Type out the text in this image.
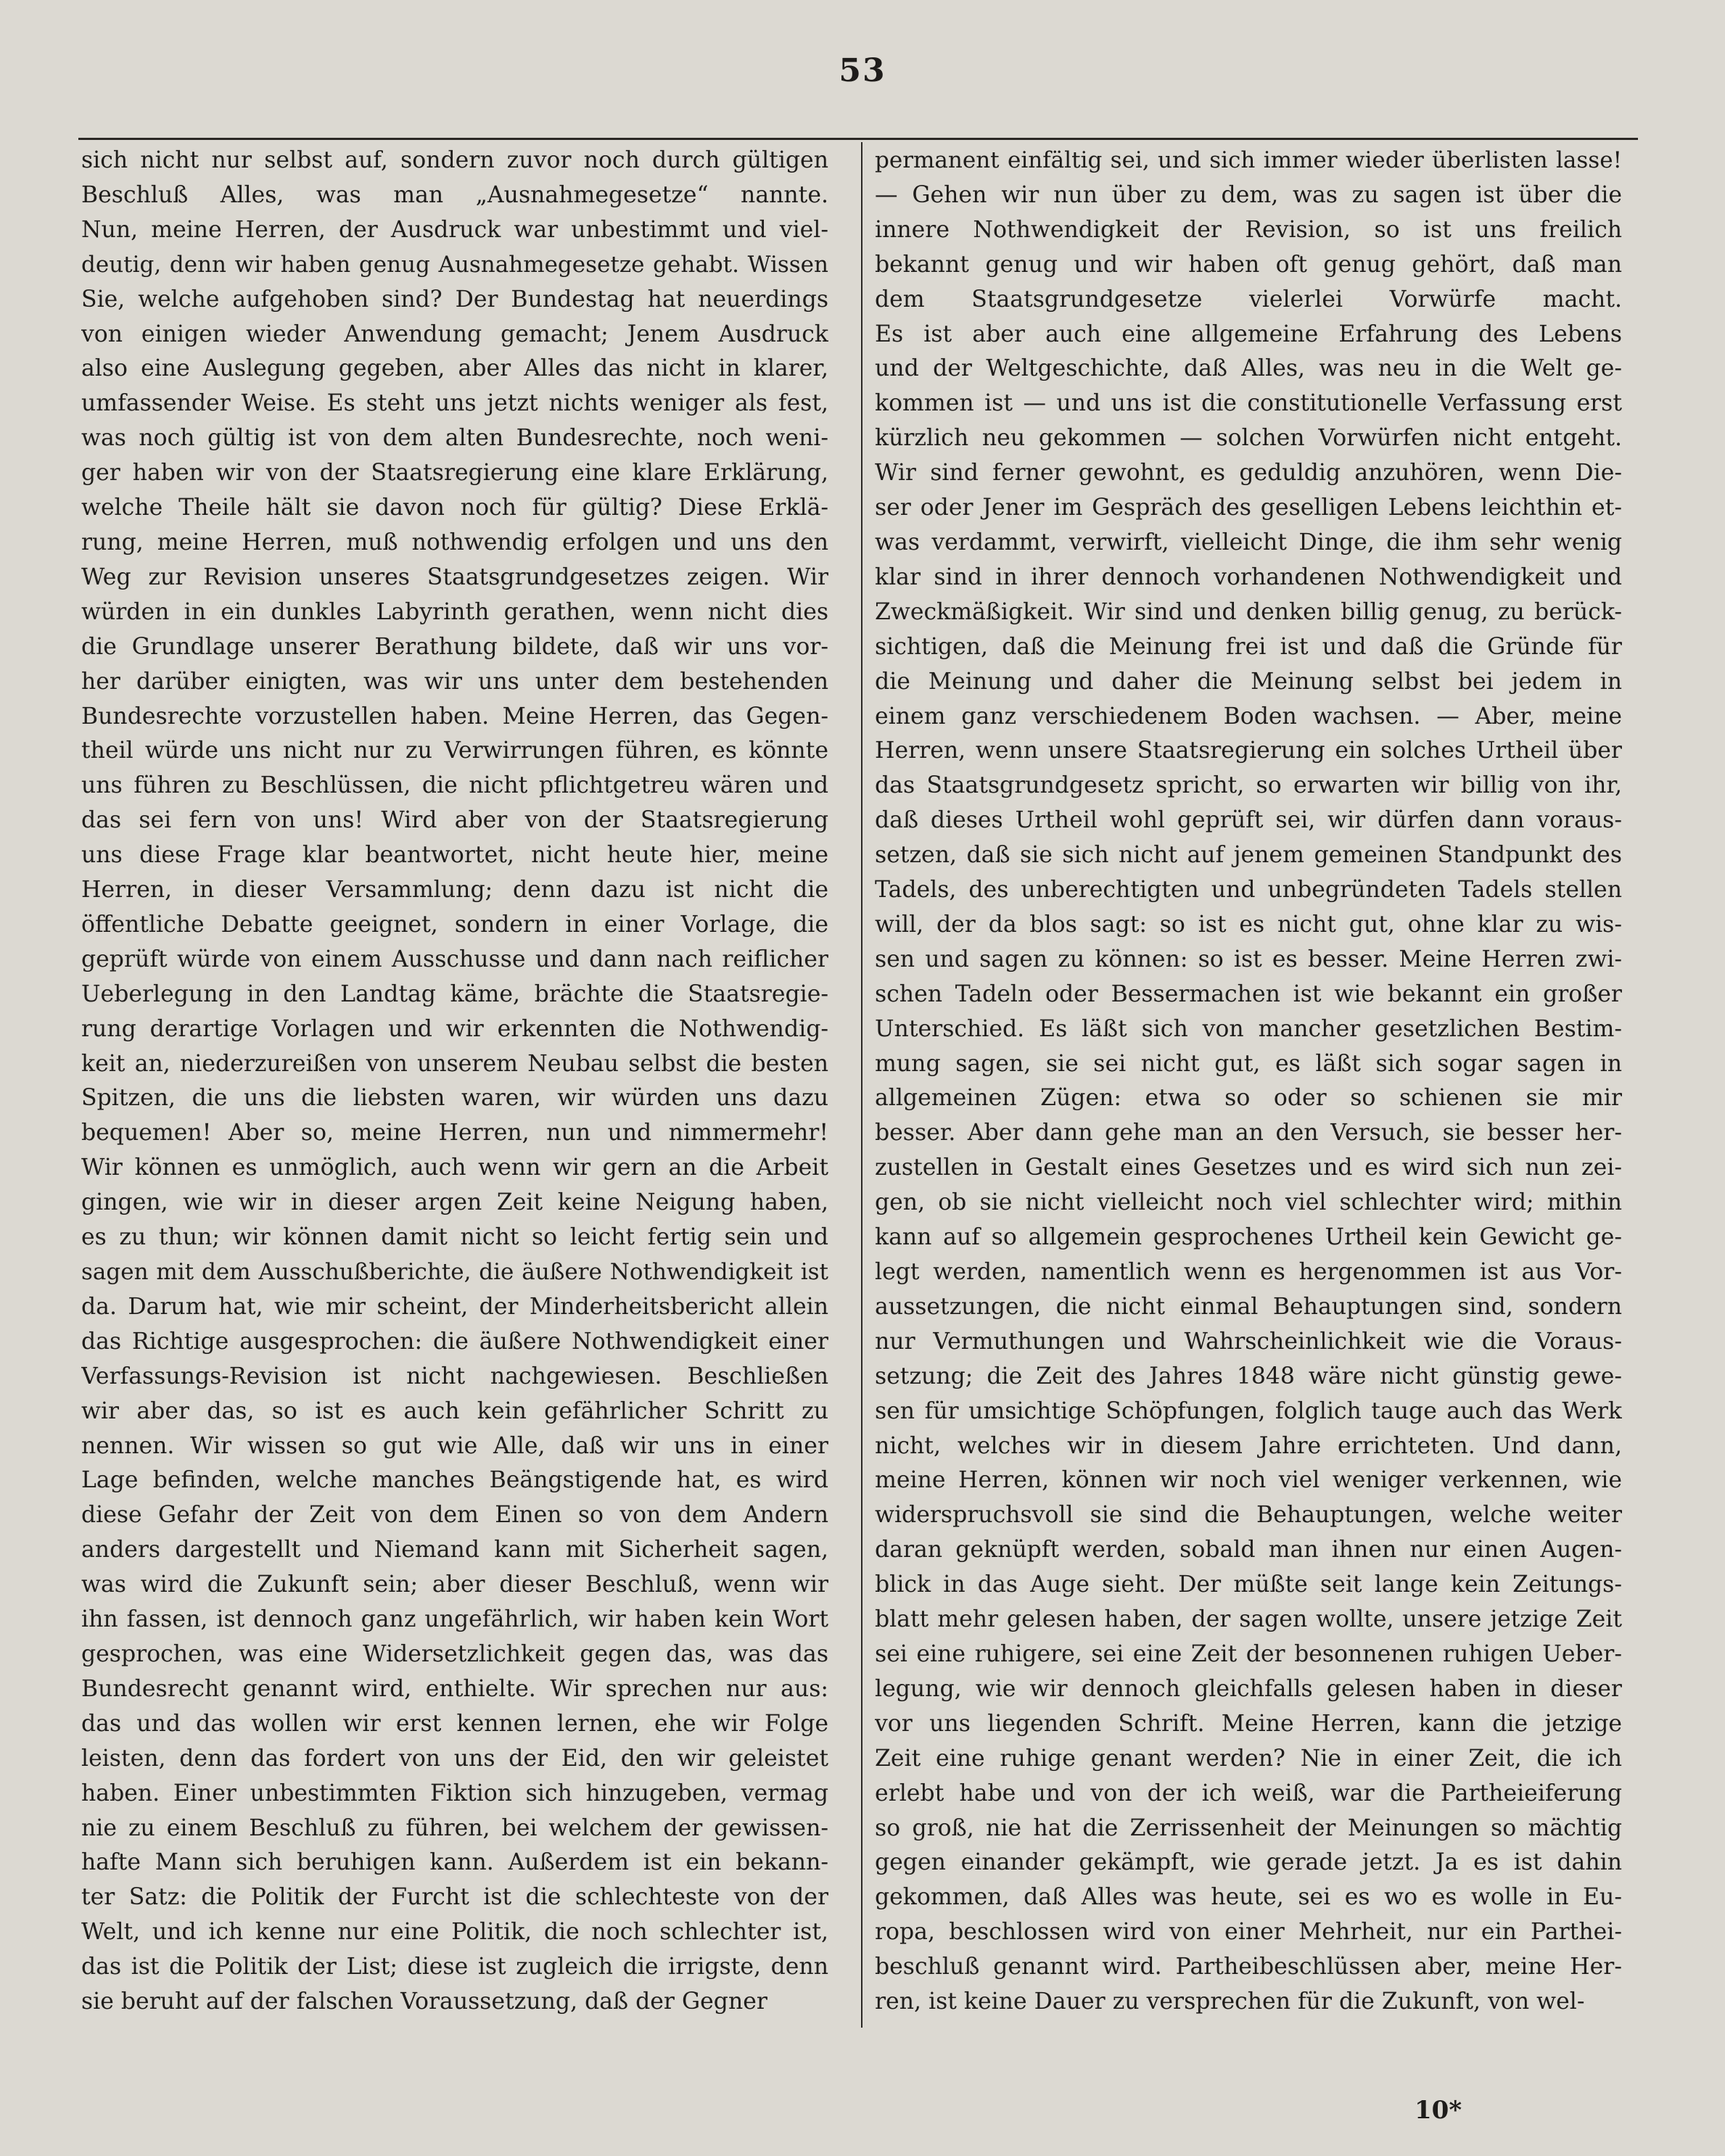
53
sich nicht nur selbst auf, sondern zuvor noch durch gültigen
Beschluß Alles, was man „Ausnahmegesetze“ nannte.
Nun, meine Herren, der Ausdruck war unbestimmt und viel-
deutig, denn wir haben genug Ausnahmegesetze gehabt. Wissen
Sie, welche aufgehoben sind? Der Bundestag hat neuerdings
von einigen wieder Anwendung gemacht; Jenem Ausdruck
also eine Auslegung gegeben, aber Alles das nicht in klarer,
umfassender Weise. Es steht uns jetzt nichts weniger als fest,
was noch gültig ist von dem alten Bundesrechte, noch weni-
ger haben wir von der Staatsregierung eine klare Erklärung,
welche Theile hält sie davon noch für gültig? Diese Erklä-
rung, meine Herren, muß nothwendig erfolgen und uns den
Weg zur Revision unseres Staatsgrundgesetzes zeigen. Wir
würden in ein dunkles Labyrinth gerathen, wenn nicht dies
die Grundlage unserer Berathung bildete, daß wir uns vor-
her darüber einigten, was wir uns unter dem bestehenden
Bundesrechte vorzustellen haben. Meine Herren, das Gegen-
theil würde uns nicht nur zu Verwirrungen führen, es könnte
uns führen zu Beschlüssen, die nicht pflichtgetreu wären und
das sei fern von uns! Wird aber von der Staatsregierung
uns diese Frage klar beantwortet, nicht heute hier, meine
Herren, in dieser Versammlung; denn dazu ist nicht die
öffentliche Debatte geeignet, sondern in einer Vorlage, die
geprüft würde von einem Ausschusse und dann nach reiflicher
Ueberlegung in den Landtag käme, brächte die Staatsregie-
rung derartige Vorlagen und wir erkennten die Nothwendig-
keit an, niederzureißen von unserem Neubau selbst die besten
Spitzen, die uns die liebsten waren, wir würden uns dazu
bequemen! Aber so, meine Herren, nun und nimmermehr!
Wir können es unmöglich, auch wenn wir gern an die Arbeit
gingen, wie wir in dieser argen Zeit keine Neigung haben,
es zu thun; wir können damit nicht so leicht fertig sein und
sagen mit dem Ausschußberichte, die äußere Nothwendigkeit ist
da. Darum hat, wie mir scheint, der Minderheitsbericht allein
das Richtige ausgesprochen: die äußere Nothwendigkeit einer
Verfassungs-Revision ist nicht nachgewiesen. Beschließen
wir aber das, so ist es auch kein gefährlicher Schritt zu
nennen. Wir wissen so gut wie Alle, daß wir uns in einer
Lage befinden, welche manches Beängstigende hat, es wird
diese Gefahr der Zeit von dem Einen so von dem Andern
anders dargestellt und Niemand kann mit Sicherheit sagen,
was wird die Zukunft sein; aber dieser Beschluß, wenn wir
ihn fassen, ist dennoch ganz ungefährlich, wir haben kein Wort
gesprochen, was eine Widersetzlichkeit gegen das, was das
Bundesrecht genannt wird, enthielte. Wir sprechen nur aus:
das und das wollen wir erst kennen lernen, ehe wir Folge
leisten, denn das fordert von uns der Eid, den wir geleistet
haben. Einer unbestimmten Fiktion sich hinzugeben, vermag
nie zu einem Beschluß zu führen, bei welchem der gewissen-
hafte Mann sich beruhigen kann. Außerdem ist ein bekann-
ter Satz: die Politik der Furcht ist die schlechteste von der
Welt, und ich kenne nur eine Politik, die noch schlechter ist,
das ist die Politik der List; diese ist zugleich die irrigste, denn
sie beruht auf der falschen Voraussetzung, daß der Gegner
permanent einfältig sei, und sich immer wieder überlisten lasse!
— Gehen wir nun über zu dem, was zu sagen ist über die
innere Nothwendigkeit der Revision, so ist uns freilich
bekannt genug und wir haben oft genug gehört, daß man
dem Staatsgrundgesetze vielerlei Vorwürfe macht.
Es ist aber auch eine allgemeine Erfahrung des Lebens
und der Weltgeschichte, daß Alles, was neu in die Welt ge-
kommen ist — und uns ist die constitutionelle Verfassung erst
kürzlich neu gekommen — solchen Vorwürfen nicht entgeht.
Wir sind ferner gewohnt, es geduldig anzuhören, wenn Die-
ser oder Jener im Gespräch des geselligen Lebens leichthin et-
was verdammt, verwirft, vielleicht Dinge, die ihm sehr wenig
klar sind in ihrer dennoch vorhandenen Nothwendigkeit und
Zweckmäßigkeit. Wir sind und denken billig genug, zu berück-
sichtigen, daß die Meinung frei ist und daß die Gründe für
die Meinung und daher die Meinung selbst bei jedem in
einem ganz verschiedenem Boden wachsen. — Aber, meine
Herren, wenn unsere Staatsregierung ein solches Urtheil über
das Staatsgrundgesetz spricht, so erwarten wir billig von ihr,
daß dieses Urtheil wohl geprüft sei, wir dürfen dann voraus-
setzen, daß sie sich nicht auf jenem gemeinen Standpunkt des
Tadels, des unberechtigten und unbegründeten Tadels stellen
will, der da blos sagt: so ist es nicht gut, ohne klar zu wis-
sen und sagen zu können: so ist es besser. Meine Herren zwi-
schen Tadeln oder Bessermachen ist wie bekannt ein großer
Unterschied. Es läßt sich von mancher gesetzlichen Bestim-
mung sagen, sie sei nicht gut, es läßt sich sogar sagen in
allgemeinen Zügen: etwa so oder so schienen sie mir
besser. Aber dann gehe man an den Versuch, sie besser her-
zustellen in Gestalt eines Gesetzes und es wird sich nun zei-
gen, ob sie nicht vielleicht noch viel schlechter wird; mithin
kann auf so allgemein gesprochenes Urtheil kein Gewicht ge-
legt werden, namentlich wenn es hergenommen ist aus Vor-
aussetzungen, die nicht einmal Behauptungen sind, sondern
nur Vermuthungen und Wahrscheinlichkeit wie die Voraus-
setzung; die Zeit des Jahres 1848 wäre nicht günstig gewe-
sen für umsichtige Schöpfungen, folglich tauge auch das Werk
nicht, welches wir in diesem Jahre errichteten. Und dann,
meine Herren, können wir noch viel weniger verkennen, wie
widerspruchsvoll sie sind die Behauptungen, welche weiter
daran geknüpft werden, sobald man ihnen nur einen Augen-
blick in das Auge sieht. Der müßte seit lange kein Zeitungs-
blatt mehr gelesen haben, der sagen wollte, unsere jetzige Zeit
sei eine ruhigere, sei eine Zeit der besonnenen ruhigen Ueber-
legung, wie wir dennoch gleichfalls gelesen haben in dieser
vor uns liegenden Schrift. Meine Herren, kann die jetzige
Zeit eine ruhige genant werden? Nie in einer Zeit, die ich
erlebt habe und von der ich weiß, war die Partheieiferung
so groß, nie hat die Zerrissenheit der Meinungen so mächtig
gegen einander gekämpft, wie gerade jetzt. Ja es ist dahin
gekommen, daß Alles was heute, sei es wo es wolle in Eu-
ropa, beschlossen wird von einer Mehrheit, nur ein Parthei-
beschluß genannt wird. Partheibeschlüssen aber, meine Her-
ren, ist keine Dauer zu versprechen für die Zukunft, von wel-
10*
